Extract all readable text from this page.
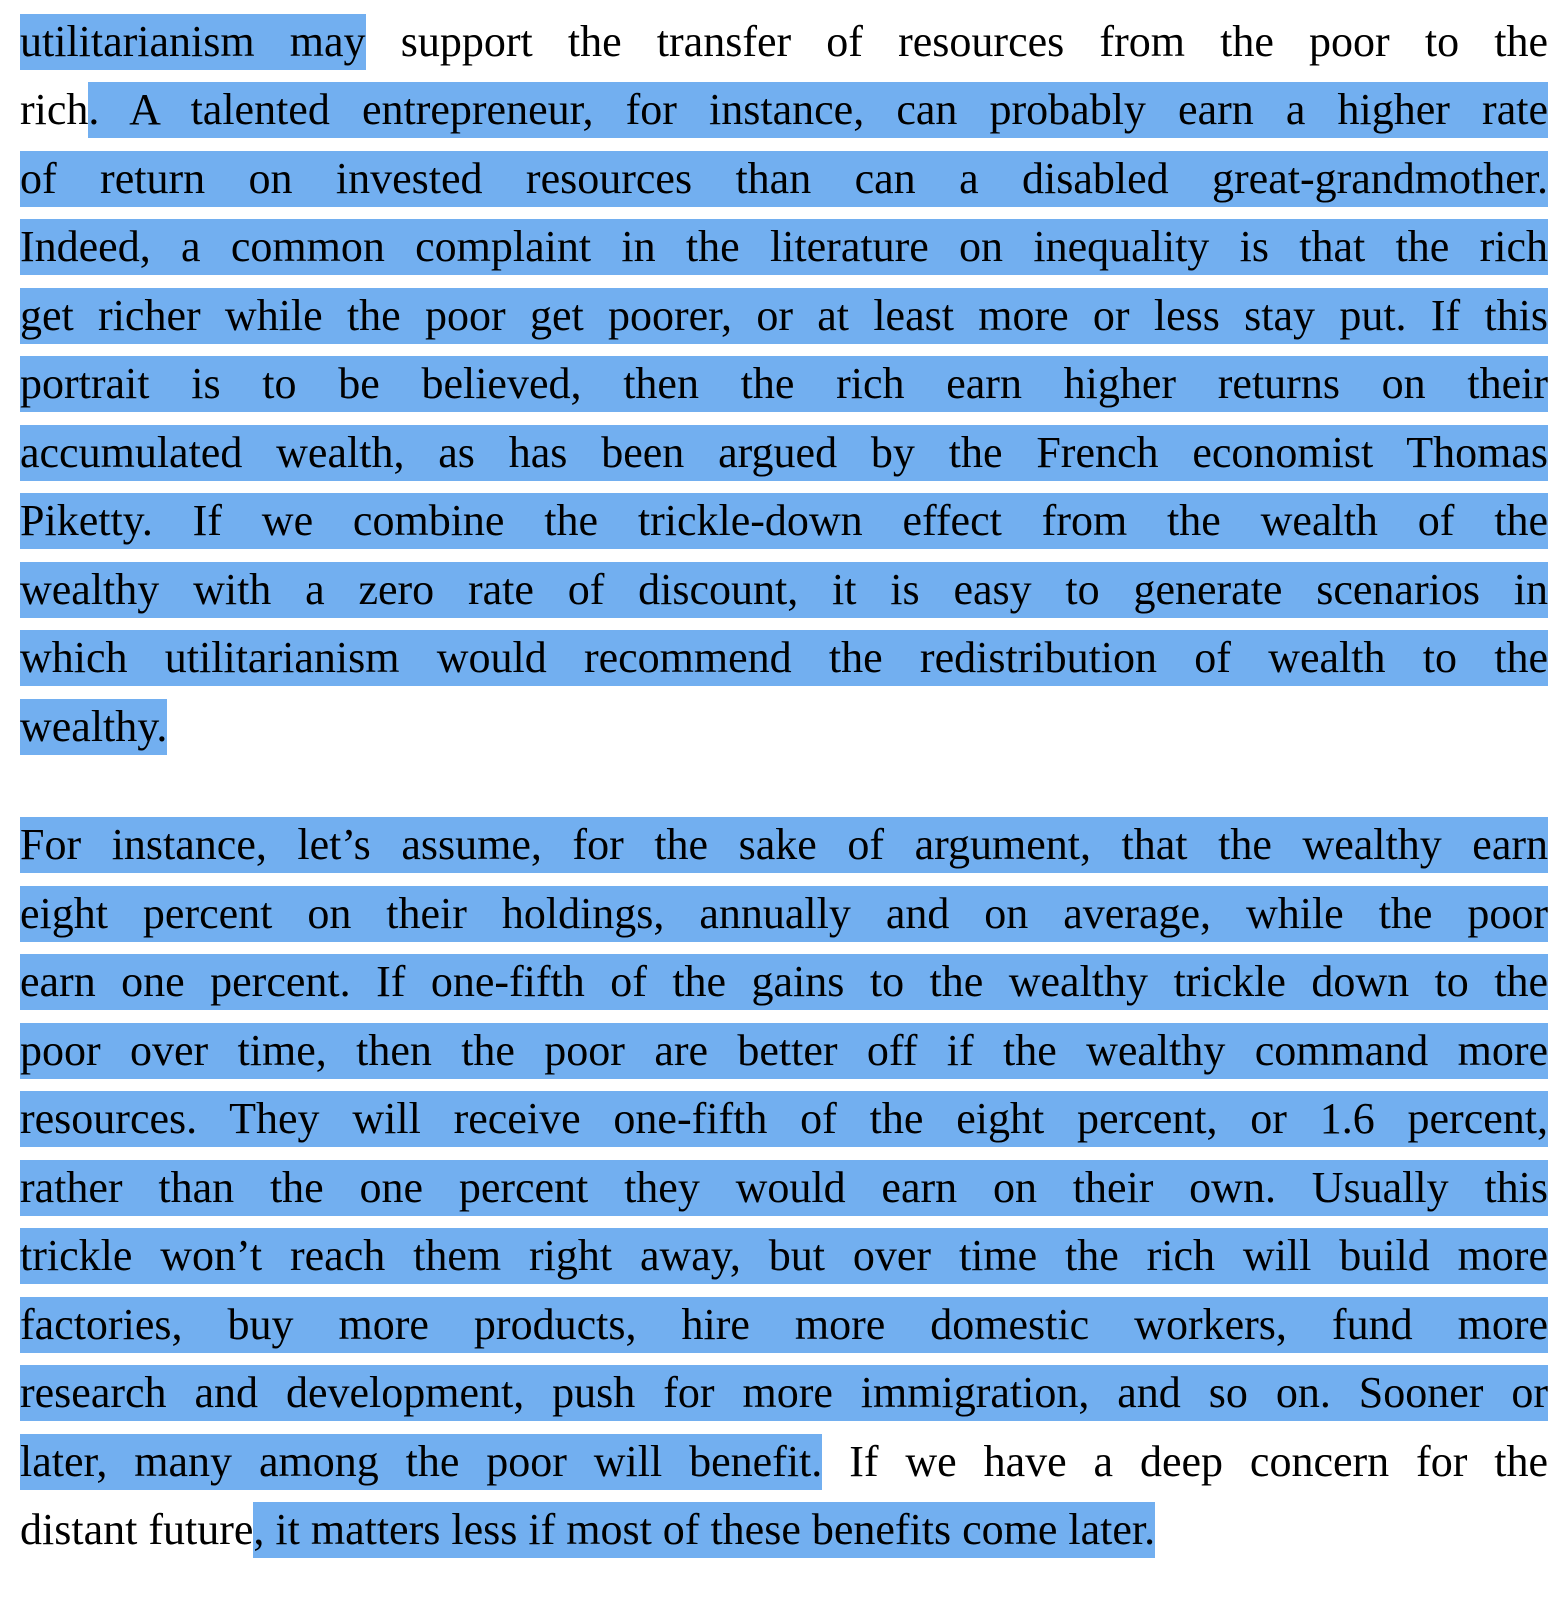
utilitarianism may support the transfer of resources from the poor to the
rich. A talented entrepreneur, for instance, can probably earn a higher rate
of return on invested resources than can a disabled great-grandmother.
Indeed, a common complaint in the literature on inequality is that the rich
get richer while the poor get poorer, or at least more or less stay put. If this
portrait is to be believed, then the rich earn higher returns on their
accumulated wealth, as has been argued by the French economist Thomas
Piketty. If we combine the trickle-down effect from the wealth of the
wealthy with a zero rate of discount, it is easy to generate scenarios in
which utilitarianism would recommend the redistribution of wealth to the
wealthy.
For instance, let’s assume, for the sake of argument, that the wealthy earn
eight percent on their holdings, annually and on average, while the poor
earn one percent. If one-fifth of the gains to the wealthy trickle down to the
poor over time, then the poor are better off if the wealthy command more
resources. They will receive one-fifth of the eight percent, or 1.6 percent,
rather than the one percent they would earn on their own. Usually this
trickle won’t reach them right away, but over time the rich will build more
factories, buy more products, hire more domestic workers, fund more
research and development, push for more immigration, and so on. Sooner or
later, many among the poor will benefit. If we have a deep concern for the
distant future, it matters less if most of these benefits come later.
